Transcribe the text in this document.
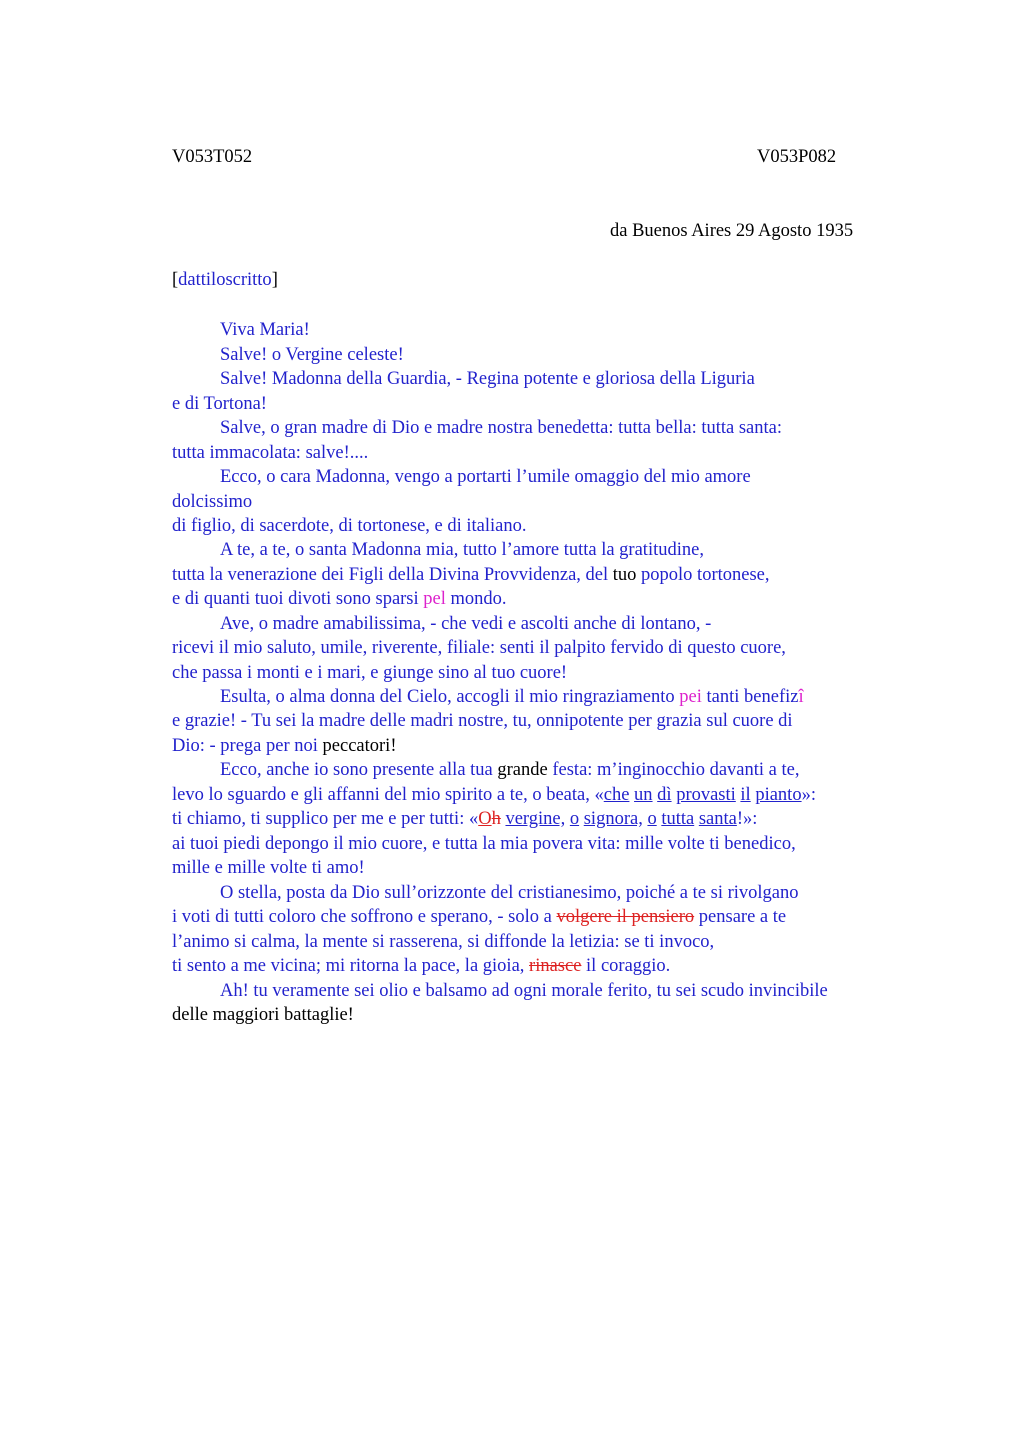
V053T052	V053P082
da Buenos Aires 29 Agosto 1935
[dattiloscritto]
Viva Maria!
Salve! o Vergine celeste!
Salve! Madonna della Guardia, - Regina potente e gloriosa della Liguria
e di Tortona!
Salve, o gran madre di Dio e madre nostra benedetta: tutta bella: tutta santa:
tutta immacolata: salve!....
Ecco, o cara Madonna, vengo a portarti l’umile omaggio del mio amore
dolcissimo
di figlio, di sacerdote, di tortonese, e di italiano.
A te, a te, o santa Madonna mia, tutto l’amore tutta la gratitudine,
tutta la venerazione dei Figli della Divina Provvidenza, del tuo popolo tortonese,
e di quanti tuoi divoti sono sparsi pel mondo.
Ave, o madre amabilissima, - che vedi e ascolti anche di lontano, -
ricevi il mio saluto, umile, riverente, filiale: senti il palpito fervido di questo cuore,
che passa i monti e i mari, e giunge sino al tuo cuore!
Esulta, o alma donna del Cielo, accogli il mio ringraziamento pei tanti benefizî
e grazie! - Tu sei la madre delle madri nostre, tu, onnipotente per grazia sul cuore di
Dio: - prega per noi peccatori!
Ecco, anche io sono presente alla tua grande festa: m’inginocchio davanti a te,
levo lo sguardo e gli affanni del mio spirito a te, o beata, «che un dì provasti il pianto»:
ti chiamo, ti supplico per me e per tutti: «Oh vergine, o signora, o tutta santa!»:
ai tuoi piedi depongo il mio cuore, e tutta la mia povera vita: mille volte ti benedico,
mille e mille volte ti amo!
O stella, posta da Dio sull’orizzonte del cristianesimo, poiché a te si rivolgano
i voti di tutti coloro che soffrono e sperano, - solo a volgere il pensiero pensare a te
l’animo si calma, la mente si rasserena, si diffonde la letizia: se ti invoco,
ti sento a me vicina; mi ritorna la pace, la gioia, rinasce il coraggio.
Ah! tu veramente sei olio e balsamo ad ogni morale ferito, tu sei scudo invincibile
delle maggiori battaglie!
